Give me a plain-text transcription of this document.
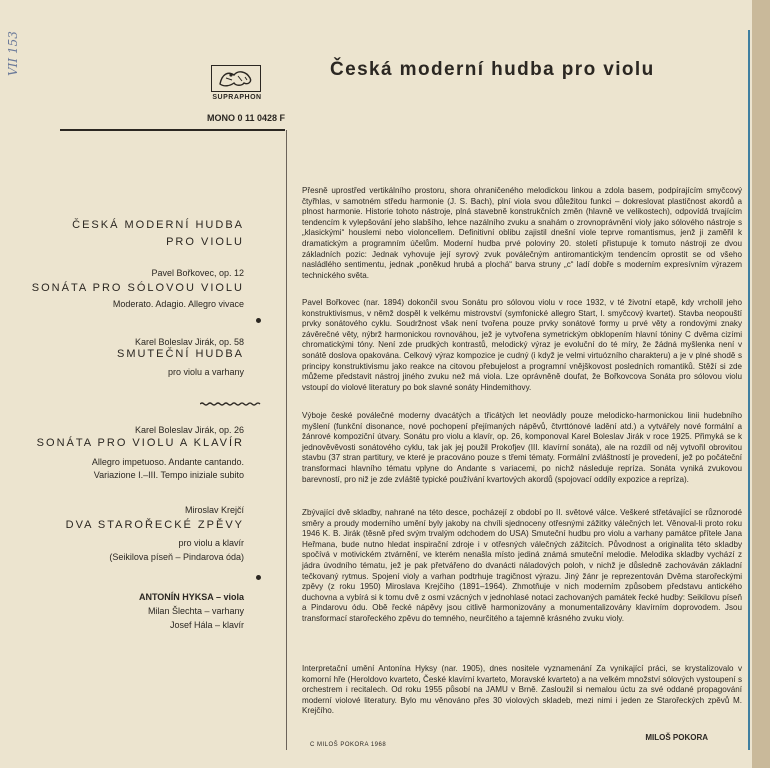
VII 153
SUPRAPHON
MONO 0 11 0428 F
Česká moderní hudba pro violu
ČESKÁ MODERNÍ HUDBA
PRO VIOLU
Pavel Bořkovec, op. 12
SONÁTA PRO SÓLOVOU VIOLU
Moderato. Adagio. Allegro vivace
Karel Boleslav Jirák, op. 58
SMUTEČNÍ HUDBA
pro violu a varhany
Karel Boleslav Jirák, op. 26
SONÁTA PRO VIOLU A KLAVÍR
Allegro impetuoso. Andante cantando.
Variazione I.–III. Tempo iniziale subito
Miroslav Krejčí
DVA STAROŘECKÉ ZPĚVY
pro violu a klavír
(Seikilova píseň – Pindarova óda)
ANTONÍN HYKSA – viola
Milan Šlechta – varhany
Josef Hála – klavír
Přesně uprostřed vertikálního prostoru, shora ohraničeného melodickou linkou a zdola basem, podpírajícím smyčcový čtyřhlas, v samotném středu harmonie (J. S. Bach), plní viola svou důležitou funkci – dokreslovat plastičnost akordů a plnost harmonie. Historie tohoto nástroje, plná stavebně konstrukčních změn (hlavně ve velikostech), odpovídá trvajícím tendencím k vylepšování jeho slabšího, lehce nazálního zvuku a snahám o zrovnoprávnění violy jako sólového nástroje s „klasickými“ houslemi nebo violoncellem. Definitivní oblibu zajistil dnešní viole teprve romantismus, jenž ji zaměřil k dramatickým a programním účelům. Moderní hudba prvé poloviny 20. století přistupuje k tomuto nástroji ze dvou základních pozic: Jednak vyhovuje její syrový zvuk poválečným antiromantickým tendencím oprostit se od všeho nasládlého sentimentu, jednak „poněkud hrubá a plochá“ barva struny „c“ ladí dobře s moderním expresívním výrazem technického světa.
Pavel Bořkovec (nar. 1894) dokončil svou Sonátu pro sólovou violu v roce 1932, v té životní etapě, kdy vrcholil jeho konstruktivismus, v němž dospěl k velkému mistrovství (symfonické allegro Start, I. smyčcový kvartet). Stavba neopouští prvky sonátového cyklu. Soudržnost však není tvořena pouze prvky sonátové formy u prvé věty a rondovými znaky závěrečné věty, nýbrž harmonickou rovnováhou, jež je vytvořena symetrickým obklopením hlavní tóniny C dvěma cizími chromatickými tóny. Není zde prudkých kontrastů, melodický výraz je evoluční do té míry, že žádná myšlenka není v sonátě doslova opakována. Celkový výraz kompozice je cudný (i když je velmi virtuózního charakteru) a je v plné shodě s principy konstruktivismu jako reakce na citovou přebujelost a programní vnějškovost posledních romantiků. Stěží si zde můžeme představit nástroj jiného zvuku než má viola. Lze oprávněně doufat, že Bořkovcova Sonáta pro sólovou violu vstoupí do violové literatury po bok slavné sonáty Hindemithovy.
Výboje české poválečné moderny dvacátých a třicátých let neovládly pouze melodicko-harmonickou linii hudebního myšlení (funkční disonance, nové pochopení přejímaných nápěvů, čtvrttónové ladění atd.) a vytvářely nové formální a žánrové kompoziční útvary. Sonátu pro violu a klavír, op. 26, komponoval Karel Boleslav Jirák v roce 1925. Přimyká se k jednověvěvosti sonátového cyklu, tak jak jej použil Prokofjev (III. klavírní sonáta), ale na rozdíl od něj vytvořil obrovitou stavbu (37 stran partitury, ve které je pracováno pouze s třemi tématy. Formální zvláštností je provedení, jež po počáteční transformaci hlavního tématu vplyne do Andante s variacemi, po nichž následuje repríza. Sonáta vyniká zvukovou barevností, pro niž je zde zvláště typické používání kvartových akordů (spojovací oddíly expozice a repríza).
Zbývající dvě skladby, nahrané na této desce, pocházejí z období po II. světové válce. Veškeré střetávající se různorodé směry a proudy moderního umění byly jakoby na chvíli sjednoceny otřesnými zážitky válečných let. Věnoval-li proto roku 1946 K. B. Jirák (těsně před svým trvalým odchodem do USA) Smuteční hudbu pro violu a varhany památce přítele Jana Heřmana, bude nutno hledat inspirační zdroje i v otřesných válečných zážitcích. Původnost a originalita této skladby spočívá v motivickém ztvárnění, ve kterém nenašla místo jediná známá smuteční melodie. Melodika skladby vychází z jádra úvodního tématu, jež je pak přetvářeno do dvanácti náladových poloh, v nichž je důsledně zachováván základní tečkovaný rytmus. Spojení violy a varhan podtrhuje tragičnost výrazu. Jiný žánr je reprezentován Dvěma starořeckými zpěvy (z roku 1950) Miroslava Krejčího (1891–1964). Zhmotňuje v nich moderním způsobem představu antického duchovna a vybírá si k tomu dvě z osmi vzácných v jednohlasé notaci zachovaných památek řecké hudby: Seikilovu píseň a Pindarovu ódu. Obě řecké nápěvy jsou citlivě harmonizovány a monumentalizovány klavírním doprovodem. Jsou transformací starořeckého zpěvu do temného, neurčitého a tajemně krásného zvuku violy.
Interpretační umění Antonína Hyksy (nar. 1905), dnes nositele vyznamenání Za vynikající práci, se krystalizovalo v komorní hře (Heroldovo kvarteto, České klavírní kvarteto, Moravské kvarteto) a na velkém množství sólových vystoupení s orchestrem i recitalech. Od roku 1955 působí na JAMU v Brně. Zasloužil si nemalou úctu za své oddané propagování moderní violové literatury. Bylo mu věnováno přes 30 violových skladeb, mezi nimi i jeden ze Starořeckých zpěvů M. Krejčího.
MILOŠ POKORA
C MILOŠ POKORA 1968
